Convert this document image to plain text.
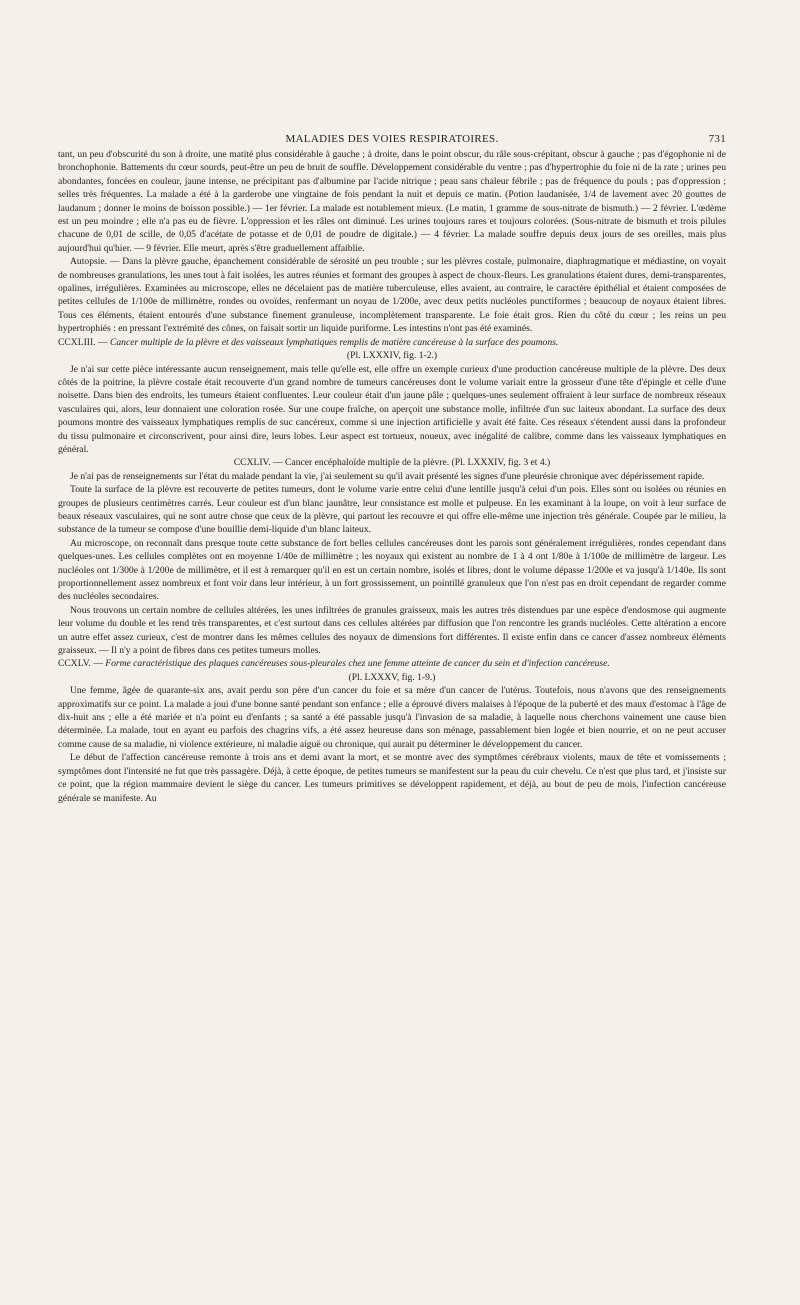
MALADIES DES VOIES RESPIRATOIRES.	731

tant, un peu d'obscurité du son à droite, une matité plus considérable à gauche ; à droite, dans le point obscur, du râle sous-crépitant, obscur à gauche ; pas d'égophonie ni de bronchophonie. Battements du cœur sourds, peut-être un peu de bruit de souffle. Développement considérable du ventre ; pas d'hypertrophie du foie ni de la rate ; urines peu abondantes, foncées en couleur, jaune intense, ne précipitant pas d'albumine par l'acide nitrique ; peau sans chaleur fébrile ; pas de fréquence du pouls ; pas d'oppression ; selles très fréquentes. La malade a été à la garderobe une vingtaine de fois pendant la nuit et depuis ce matin. (Potion laudanisée, 1/4 de lavement avec 20 gouttes de laudanum ; donner le moins de boisson possible.) — 1er février. La malade est notablement mieux. (Le matin, 1 gramme de sous-nitrate de bismuth.) — 2 février. L'œdème est un peu moindre ; elle n'a pas eu de fièvre. L'oppression et les râles ont diminué. Les urines toujours rares et toujours colorées. (Sous-nitrate de bismuth et trois pilules chacune de 0,01 de scille, de 0,05 d'acétate de potasse et de 0,01 de poudre de digitale.) — 4 février. La malade souffre depuis deux jours de ses oreilles, mais plus aujourd'hui qu'hier. — 9 février. Elle meurt, après s'être graduellement affaiblie.

Autopsie. — Dans la plèvre gauche, épanchement considérable de sérosité un peu trouble ; sur les plèvres costale, pulmonaire, diaphragmatique et médiastine, on voyait de nombreuses granulations, les unes tout à fait isolées, les autres réunies et formant des groupes à aspect de choux-fleurs. Les granulations étaient dures, demi-transparentes, opalines, irrégulières. Examinées au microscope, elles ne décelaient pas de matière tuberculeuse, elles avaient, au contraire, le caractère épithélial et étaient composées de petites cellules de 1/100e de millimètre, rondes ou ovoïdes, renfermant un noyau de 1/200e, avec deux petits nucléoles punctiformes ; beaucoup de noyaux étaient libres. Tous ces éléments, étaient entourés d'une substance finement granuleuse, incomplètement transparente. Le foie était gros. Rien du côté du cœur ; les reins un peu hypertrophiés : en pressant l'extrémité des cônes, on faisait sortir un liquide puriforme. Les intestins n'ont pas été examinés.

CCXLIII. — Cancer multiple de la plèvre et des vaisseaux lymphatiques remplis de matière cancéreuse à la surface des poumons.

(Pl. LXXXIV, fig. 1-2.)

Je n'ai sur cette pièce intéressante aucun renseignement, mais telle qu'elle est, elle offre un exemple curieux d'une production cancéreuse multiple de la plèvre. Des deux côtés de la poitrine, la plèvre costale était recouverte d'un grand nombre de tumeurs cancéreuses dont le volume variait entre la grosseur d'une tête d'épingle et celle d'une noisette. Dans bien des endroits, les tumeurs étaient confluentes. Leur couleur était d'un jaune pâle ; quelques-unes seulement offraient à leur surface de nombreux réseaux vasculaires qui, alors, leur donnaient une coloration rosée. Sur une coupe fraîche, on aperçoit une substance molle, infiltrée d'un suc laiteux abondant. La surface des deux poumons montre des vaisseaux lymphatiques remplis de suc cancéreux, comme si une injection artificielle y avait été faite. Ces réseaux s'étendent aussi dans la profondeur du tissu pulmonaire et circonscrivent, pour ainsi dire, leurs lobes. Leur aspect est tortueux, noueux, avec inégalité de calibre, comme dans les vaisseaux lymphatiques en général.

CCXLIV. — Cancer encéphaloïde multiple de la plèvre. (Pl. LXXXIV, fig. 3 et 4.)

Je n'ai pas de renseignements sur l'état du malade pendant la vie, j'ai seulement su qu'il avait présenté les signes d'une pleurésie chronique avec dépérissement rapide.

Toute la surface de la plèvre est recouverte de petites tumeurs, dont le volume varie entre celui d'une lentille jusqu'à celui d'un pois. Elles sont ou isolées ou réunies en groupes de plusieurs centimètres carrés. Leur couleur est d'un blanc jaunâtre, leur consistance est molle et pulpeuse. En les examinant à la loupe, on voit à leur surface de beaux réseaux vasculaires, qui ne sont autre chose que ceux de la plèvre, qui partout les recouvre et qui offre elle-même une injection très générale. Coupée par le milieu, la substance de la tumeur se compose d'une bouillie demi-liquide d'un blanc laiteux.

Au microscope, on reconnaît dans presque toute cette substance de fort belles cellules cancéreuses dont les parois sont généralement irrégulières, rondes cependant dans quelques-unes. Les cellules complètes ont en moyenne 1/40e de millimètre ; les noyaux qui existent au nombre de 1 à 4 ont 1/80e à 1/100e de millimètre de largeur. Les nucléoles ont 1/300e à 1/200e de millimètre, et il est à remarquer qu'il en est un certain nombre, isolés et libres, dont le volume dépasse 1/200e et va jusqu'à 1/140e. Ils sont proportionnellement assez nombreux et font voir dans leur intérieur, à un fort grossissement, un pointillé granuleux que l'on n'est pas en droit cependant de regarder comme des nucléoles secondaires.

Nous trouvons un certain nombre de cellules altérées, les unes infiltrées de granules graisseux, mais les autres très distendues par une espèce d'endosmose qui augmente leur volume du double et les rend très transparentes, et c'est surtout dans ces cellules altérées par diffusion que l'on rencontre les grands nucléoles. Cette altération a encore un autre effet assez curieux, c'est de montrer dans les mêmes cellules des noyaux de dimensions fort différentes. Il existe enfin dans ce cancer d'assez nombreux éléments graisseux. — Il n'y a point de fibres dans ces petites tumeurs molles.

CCXLV. — Forme caractéristique des plaques cancéreuses sous-pleurales chez une femme atteinte de cancer du sein et d'infection cancéreuse.

(Pl. LXXXV, fig. 1-9.)

Une femme, âgée de quarante-six ans, avait perdu son père d'un cancer du foie et sa mère d'un cancer de l'utérus. Toutefois, nous n'avons que des renseignements approximatifs sur ce point. La malade a joui d'une bonne santé pendant son enfance ; elle a éprouvé divers malaises à l'époque de la puberté et des maux d'estomac à l'âge de dix-huit ans ; elle a été mariée et n'a point eu d'enfants ; sa santé a été passable jusqu'à l'invasion de sa maladie, à laquelle nous cherchons vainement une cause bien déterminée. La malade, tout en ayant eu parfois des chagrins vifs, a été assez heureuse dans son ménage, passablement bien logée et bien nourrie, et on ne peut accuser comme cause de sa maladie, ni violence extérieure, ni maladie aiguë ou chronique, qui aurait pu déterminer le développement du cancer.

Le début de l'affection cancéreuse remonte à trois ans et demi avant la mort, et se montre avec des symptômes cérébraux violents, maux de tête et vomissements ; symptômes dont l'intensité ne fut que très passagère. Déjà, à cette époque, de petites tumeurs se manifestent sur la peau du cuir chevelu. Ce n'est que plus tard, et j'insiste sur ce point, que la région mammaire devient le siège du cancer. Les tumeurs primitives se développent rapidement, et déjà, au bout de peu de mois, l'infection cancéreuse générale se manifeste. Au
